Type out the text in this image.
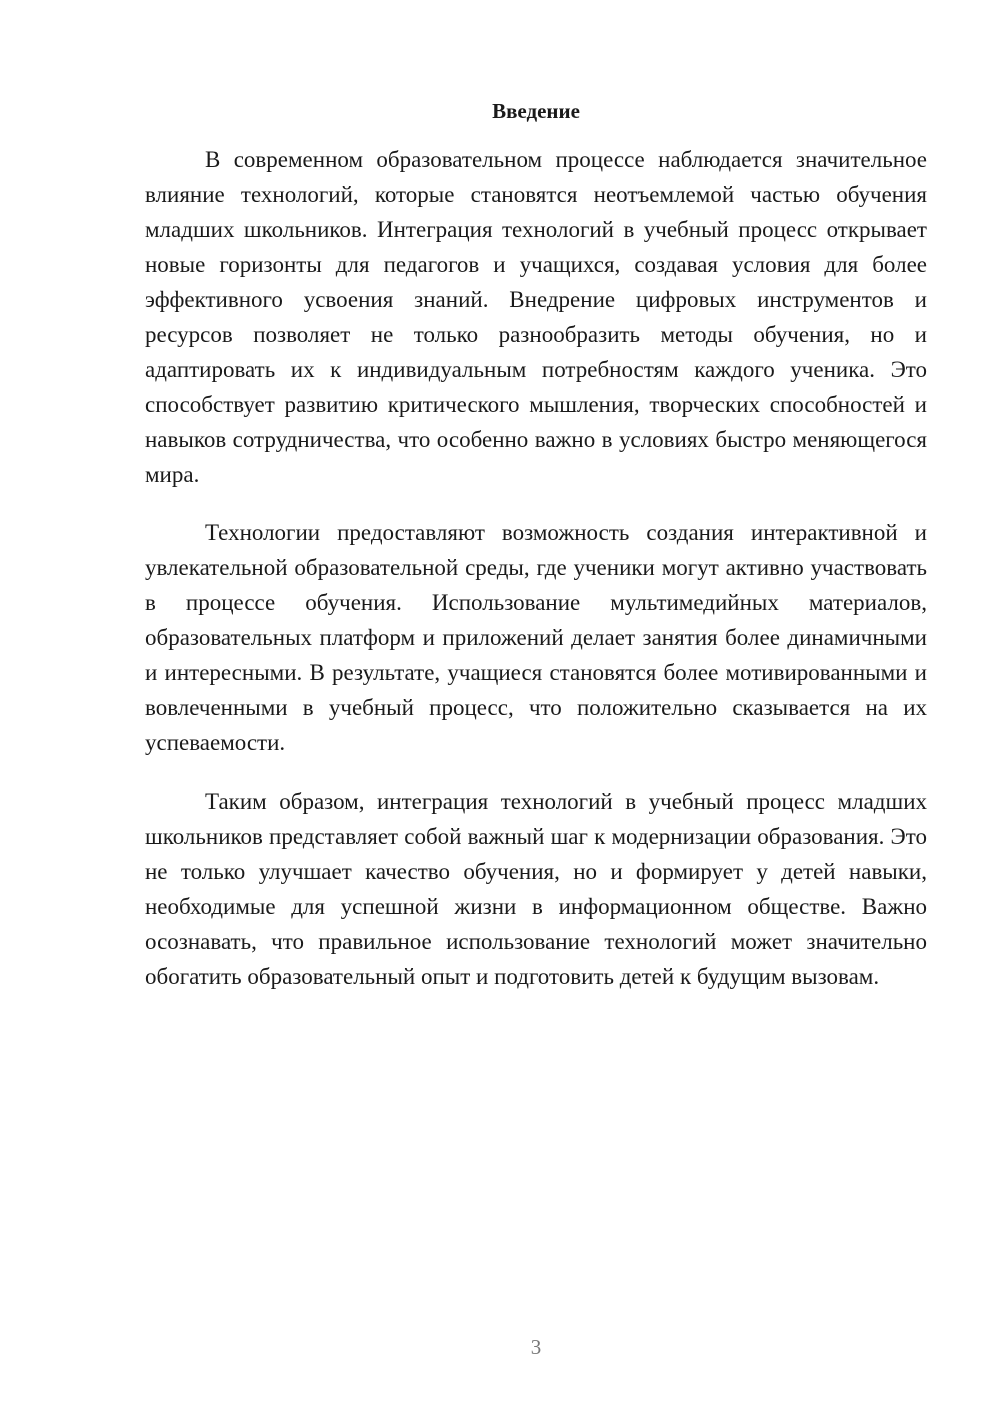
Введение

В современном образовательном процессе наблюдается значительное влияние технологий, которые становятся неотъемлемой частью обучения младших школьников. Интеграция технологий в учебный процесс открывает новые горизонты для педагогов и учащихся, создавая условия для более эффективного усвоения знаний. Внедрение цифровых инструментов и ресурсов позволяет не только разнообразить методы обучения, но и адаптировать их к индивидуальным потребностям каждого ученика. Это способствует развитию критического мышления, творческих способностей и навыков сотрудничества, что особенно важно в условиях быстро меняющегося мира.

Технологии предоставляют возможность создания интерактивной и увлекательной образовательной среды, где ученики могут активно участвовать в процессе обучения. Использование мультимедийных материалов, образовательных платформ и приложений делает занятия более динамичными и интересными. В результате, учащиеся становятся более мотивированными и вовлеченными в учебный процесс, что положительно сказывается на их успеваемости.

Таким образом, интеграция технологий в учебный процесс младших школьников представляет собой важный шаг к модернизации образования. Это не только улучшает качество обучения, но и формирует у детей навыки, необходимые для успешной жизни в информационном обществе. Важно осознавать, что правильное использование технологий может значительно обогатить образовательный опыт и подготовить детей к будущим вызовам.

3
